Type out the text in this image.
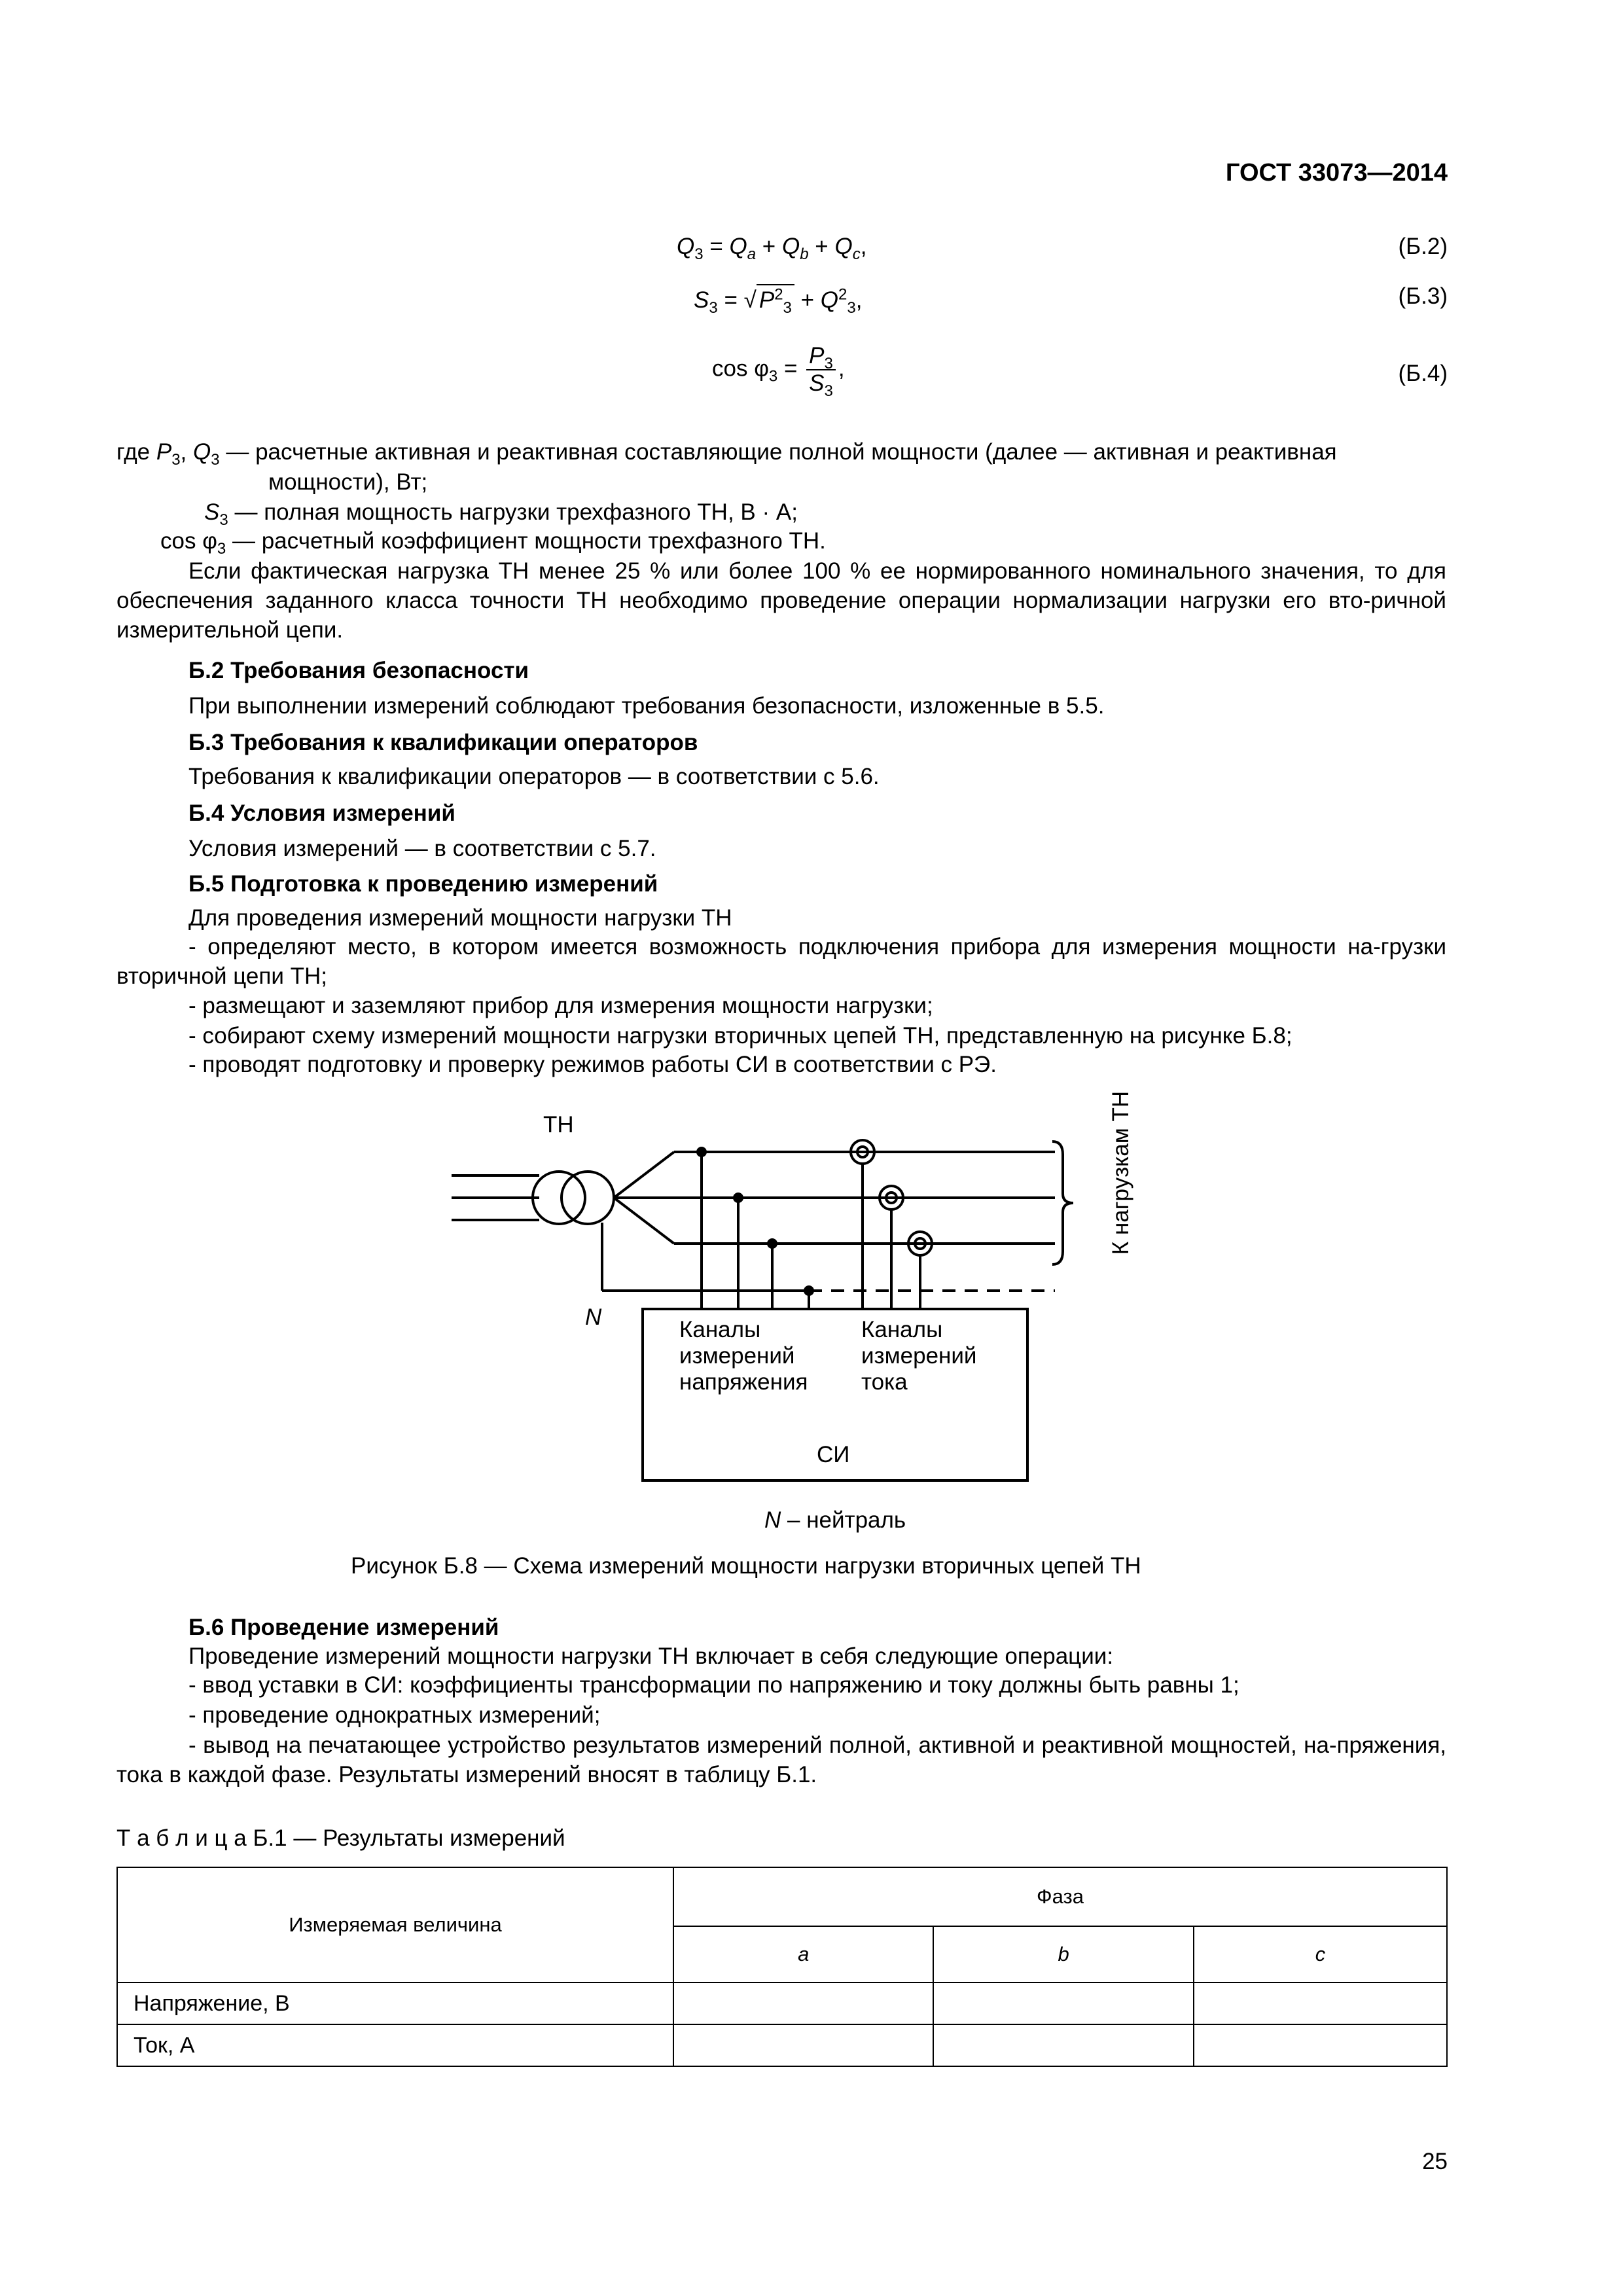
ГОСТ 33073—2014
$Q_3 = Q_a + Q_b + Q_c$,	(Б.2)
$S_3$ = √ $P^2_3 + Q^2_3$,	(Б.3)
$\cos \varphi_3 = \frac{P_3}{S_3}$ ,	(Б.4)
где $P_3$, $Q_3$ — расчетные активная и реактивная составляющие полной мощности (далее — активная и реактивная
мощности), Вт;
$S_3$ — полная мощность нагрузки трехфазного ТН, В · А;
$\cos \varphi_3$ — расчетный коэффициент мощности трехфазного ТН.
Если фактическая нагрузка ТН менее 25 % или более 100 % ее нормированного номинального значения, то для обеспечения заданного класса точности ТН необходимо проведение операции нормализации нагрузки его вто-ричной измерительной цепи.
Б.2 Требования безопасности
При выполнении измерений соблюдают требования безопасности, изложенные в 5.5.
Б.3 Требования к квалификации операторов
Требования к квалификации операторов — в соответствии с 5.6.
Б.4 Условия измерений
Условия измерений — в соответствии с 5.7.
Б.5 Подготовка к проведению измерений
Для проведения измерений мощности нагрузки ТН
- определяют место, в котором имеется возможность подключения прибора для измерения мощности на-грузки вторичной цепи ТН;
- размещают и заземляют прибор для измерения мощности нагрузки;
- собирают схему измерений мощности нагрузки вторичных цепей ТН, представленную на рисунке Б.8;
- проводят подготовку и проверку режимов работы СИ в соответствии с РЭ.
ТН
N
К нагрузкам ТН
Каналы
измерений
напряжения
Каналы
измерений
тока
СИ
N – нейтраль
Рисунок Б.8 — Схема измерений мощности нагрузки вторичных цепей ТН
Б.6 Проведение измерений
Проведение измерений мощности нагрузки ТН включает в себя следующие операции:
- ввод уставки в СИ: коэффициенты трансформации по напряжению и току должны быть равны 1;
- проведение однократных измерений;
- вывод на печатающее устройство результатов измерений полной, активной и реактивной мощностей, на-пряжения, тока в каждой фазе. Результаты измерений вносят в таблицу Б.1.
Т а б л и ц а Б.1 — Результаты измерений
Измеряемая величина	Фаза		
	a	b	c
Напряжение, В			
Ток, А			
25
